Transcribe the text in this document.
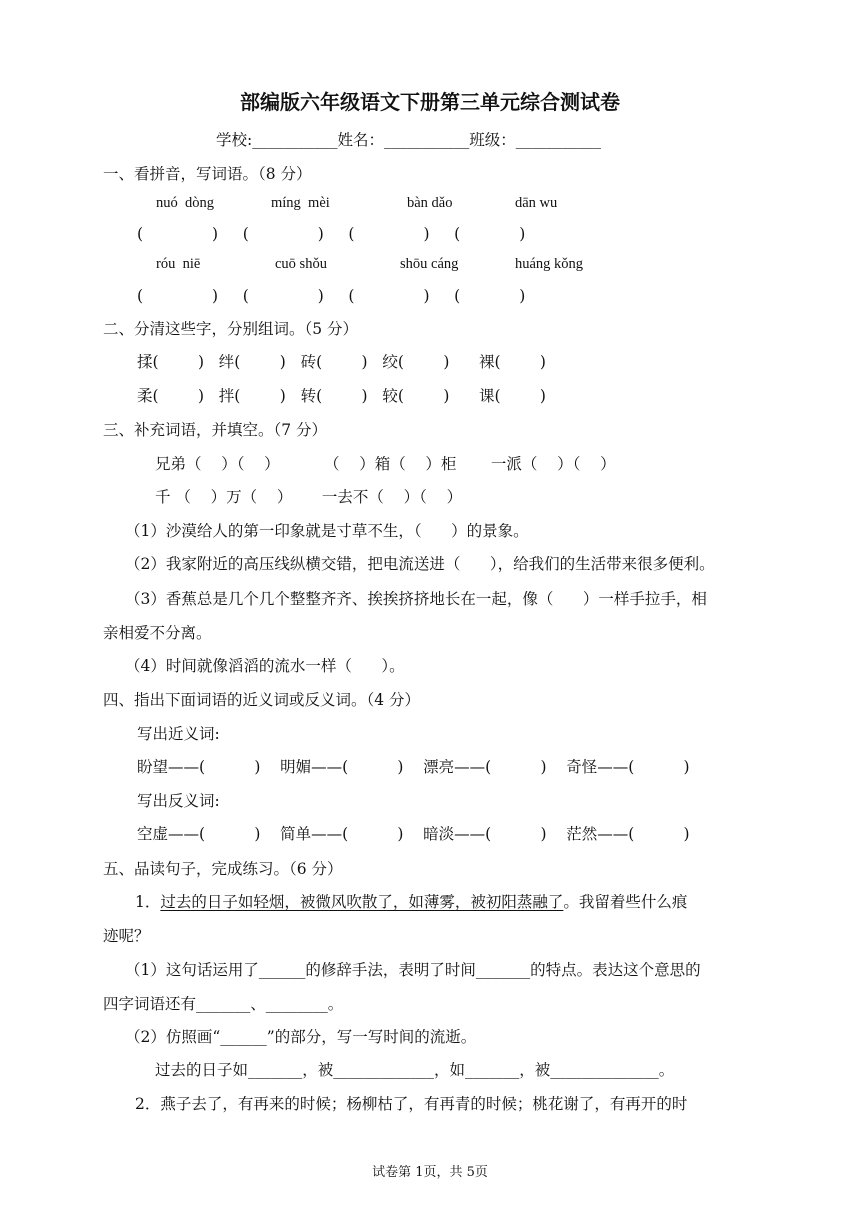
部编版六年级语文下册第三单元综合测试卷
学校:___________姓名：___________班级：___________
一、看拼音，写词语。（8 分）
nuó  dòng	míng  mèi	bàn dǎo	dān wu
(              )     (              )     (              )     (            )
róu  niē	cuō shǒu	shōu cáng	huáng kǒng
(              )     (              )     (              )     (            )
二、分清这些字，分别组词。（5 分）
揉(        )   绊(        )   砖(        )   绞(        )      裸(        )
柔(        )   拌(        )   转(        )   较(        )      课(        )
三、补充词语，并填空。（7 分）
兄弟（    ）（    ）         （    ）箱（    ）柜       一派（    ）（    ）
千 （    ）万（    ）      一去不（    ）（    ）
（1）沙漠给人的第一印象就是寸草不生，（      ）的景象。
（2）我家附近的高压线纵横交错，把电流送进（      ），给我们的生活带来很多便利。
（3）香蕉总是几个几个整整齐齐、挨挨挤挤地长在一起，像（      ）一样手拉手，相
亲相爱不分离。
（4）时间就像滔滔的流水一样（      ）。
四、指出下面词语的近义词或反义词。（4 分）
写出近义词:
盼望——(          )    明媚——(          )    漂亮——(          )    奇怪——(          )
写出反义词:
空虚——(          )    简单——(          )    暗淡——(          )    茫然——(          )
五、品读句子，完成练习。（6 分）
1．过去的日子如轻烟，被微风吹散了，如薄雾，被初阳蒸融了。我留着些什么痕
迹呢？
（1）这句话运用了______的修辞手法，表明了时间_______的特点。表达这个意思的
四字词语还有_______、________。
（2）仿照画“______”的部分，写一写时间的流逝。
过去的日子如_______，被_____________，如_______，被______________。
2．燕子去了，有再来的时候；杨柳枯了，有再青的时候；桃花谢了，有再开的时
试卷第 1页，共 5页
